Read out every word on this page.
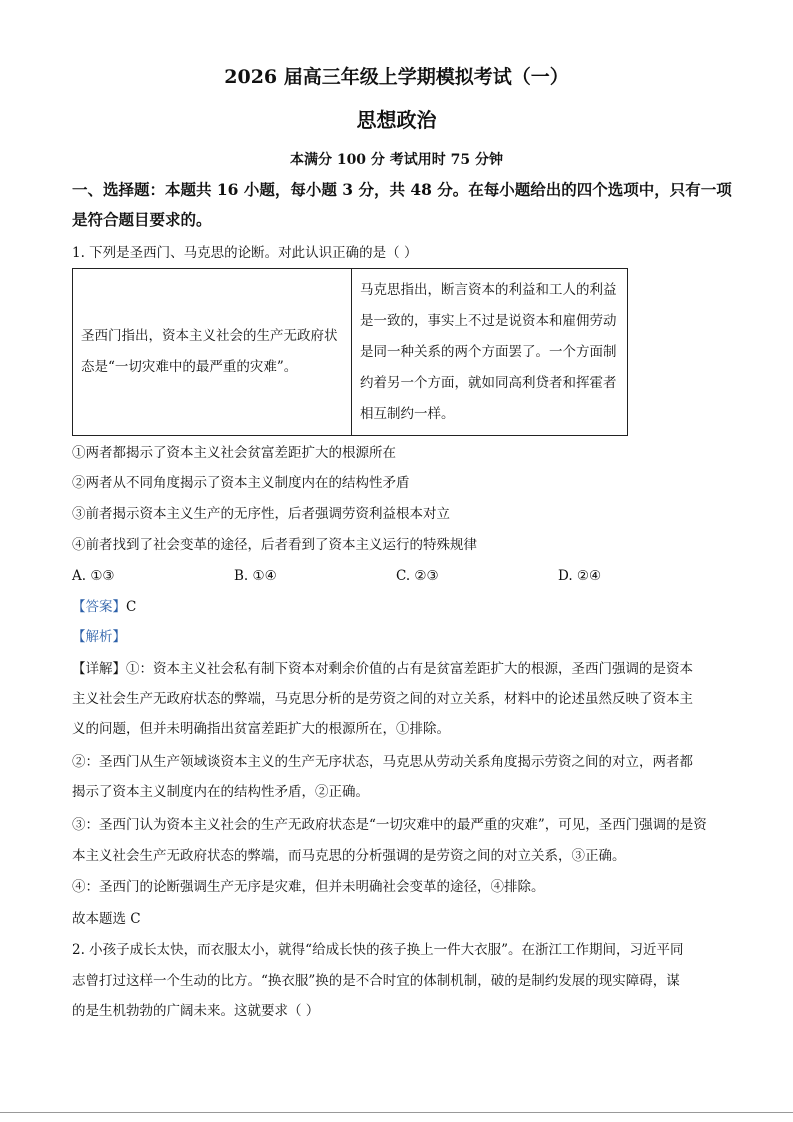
2026 届高三年级上学期模拟考试（一）
思想政治
本满分 100 分 考试用时 75 分钟
一、选择题：本题共 16 小题，每小题 3 分，共 48 分。在每小题给出的四个选项中，只有一项
是符合题目要求的。
1. 下列是圣西门、马克思的论断。对此认识正确的是（ ）
圣西门指出，资本主义社会的生产无政府状态是“一切灾难中的最严重的灾难”。	马克思指出，断言资本的利益和工人的利益是一致的，事实上不过是说资本和雇佣劳动是同一种关系的两个方面罢了。一个方面制约着另一个方面，就如同高利贷者和挥霍者相互制约一样。
①两者都揭示了资本主义社会贫富差距扩大的根源所在
②两者从不同角度揭示了资本主义制度内在的结构性矛盾
③前者揭示资本主义生产的无序性，后者强调劳资利益根本对立
④前者找到了社会变革的途径，后者看到了资本主义运行的特殊规律
A. ①③	B. ①④	C. ②③	D. ②④
【答案】C
【解析】
【详解】①：资本主义社会私有制下资本对剩余价值的占有是贫富差距扩大的根源，圣西门强调的是资本
主义社会生产无政府状态的弊端，马克思分析的是劳资之间的对立关系，材料中的论述虽然反映了资本主
义的问题，但并未明确指出贫富差距扩大的根源所在，①排除。
②：圣西门从生产领域谈资本主义的生产无序状态，马克思从劳动关系角度揭示劳资之间的对立，两者都
揭示了资本主义制度内在的结构性矛盾，②正确。
③：圣西门认为资本主义社会的生产无政府状态是“一切灾难中的最严重的灾难”，可见，圣西门强调的是资
本主义社会生产无政府状态的弊端，而马克思的分析强调的是劳资之间的对立关系，③正确。
④：圣西门的论断强调生产无序是灾难，但并未明确社会变革的途径，④排除。
故本题选 C
2. 小孩子成长太快，而衣服太小，就得“给成长快的孩子换上一件大衣服”。在浙江工作期间，习近平同
志曾打过这样一个生动的比方。“换衣服”换的是不合时宜的体制机制，破的是制约发展的现实障碍，谋
的是生机勃勃的广阔未来。这就要求（ ）
